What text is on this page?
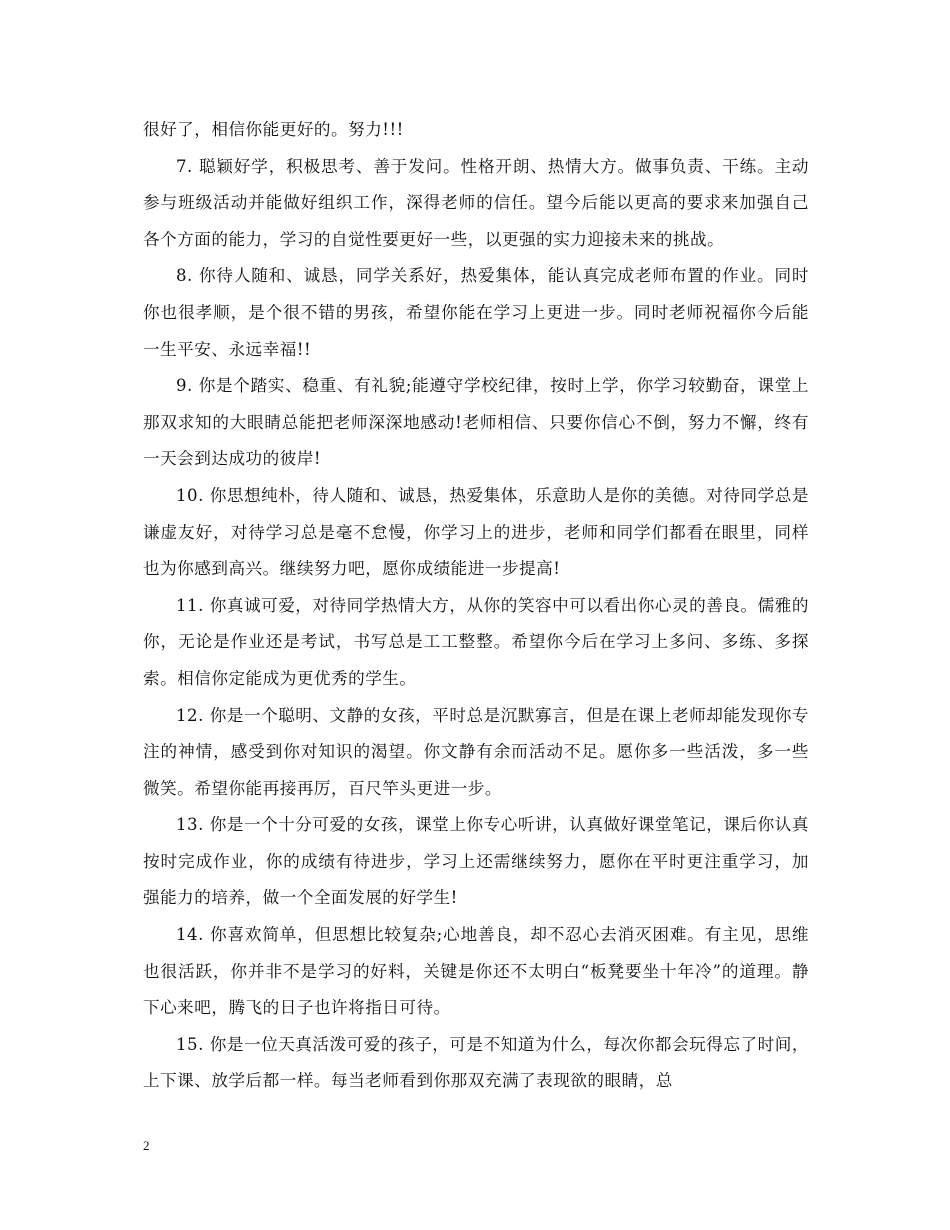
很好了，相信你能更好的。努力!!!

7. 聪颖好学，积极思考、善于发问。性格开朗、热情大方。做事负责、干练。主动参与班级活动并能做好组织工作，深得老师的信任。望今后能以更高的要求来加强自己各个方面的能力，学习的自觉性要更好一些，以更强的实力迎接未来的挑战。

8. 你待人随和、诚恳，同学关系好，热爱集体，能认真完成老师布置的作业。同时你也很孝顺，是个很不错的男孩，希望你能在学习上更进一步。同时老师祝福你今后能一生平安、永远幸福!!

9. 你是个踏实、稳重、有礼貌;能遵守学校纪律，按时上学，你学习较勤奋，课堂上那双求知的大眼睛总能把老师深深地感动!老师相信、只要你信心不倒，努力不懈，终有一天会到达成功的彼岸!

10. 你思想纯朴，待人随和、诚恳，热爱集体，乐意助人是你的美德。对待同学总是谦虚友好，对待学习总是毫不怠慢，你学习上的进步，老师和同学们都看在眼里，同样也为你感到高兴。继续努力吧，愿你成绩能进一步提高!

11. 你真诚可爱，对待同学热情大方，从你的笑容中可以看出你心灵的善良。儒雅的你，无论是作业还是考试，书写总是工工整整。希望你今后在学习上多问、多练、多探索。相信你定能成为更优秀的学生。

12. 你是一个聪明、文静的女孩，平时总是沉默寡言，但是在课上老师却能发现你专注的神情，感受到你对知识的渴望。你文静有余而活动不足。愿你多一些活泼，多一些微笑。希望你能再接再厉，百尺竿头更进一步。

13. 你是一个十分可爱的女孩，课堂上你专心听讲，认真做好课堂笔记，课后你认真按时完成作业，你的成绩有待进步，学习上还需继续努力，愿你在平时更注重学习，加强能力的培养，做一个全面发展的好学生!

14. 你喜欢简单，但思想比较复杂;心地善良，却不忍心去消灭困难。有主见，思维也很活跃，你并非不是学习的好料，关键是你还不太明白“板凳要坐十年冷”的道理。静下心来吧，腾飞的日子也许将指日可待。

15. 你是一位天真活泼可爱的孩子，可是不知道为什么，每次你都会玩得忘了时间，上下课、放学后都一样。每当老师看到你那双充满了表现欲的眼睛，总

2
